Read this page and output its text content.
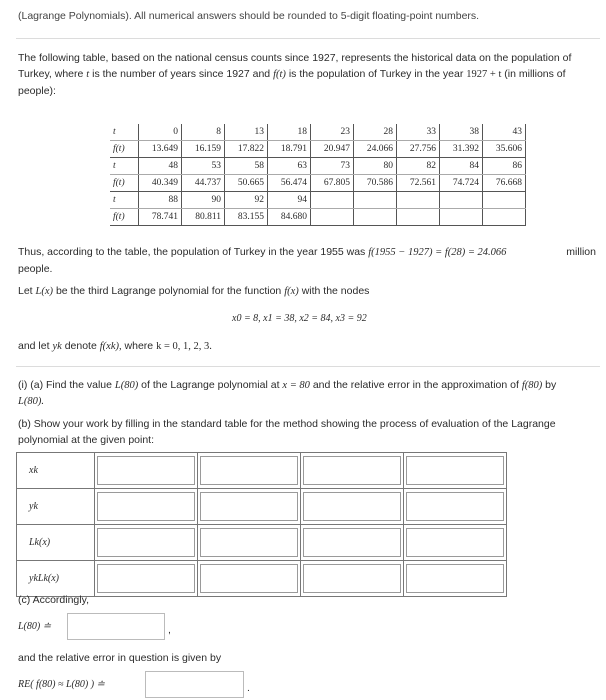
(Lagrange Polynomials). All numerical answers should be rounded to 5-digit floating-point numbers.

The following table, based on the national census counts since 1927, represents the historical data on the population of

Turkey, where t is the number of years since 1927 and f(t) is the population of Turkey in the year 1927 + t (in millions of

people):

t	0	8	13	18	23	28	33	38	43
f(t)	13.649	16.159	17.822	18.791	20.947	24.066	27.756	31.392	35.606
t	48	53	58	63	73	80	82	84	86
f(t)	40.349	44.737	50.665	56.474	67.805	70.586	72.561	74.724	76.668
t	88	90	92	94					
f(t)	78.741	80.811	83.155	84.680					

Thus, according to the table, the population of Turkey in the year 1955 was f(1955 − 1927) = f(28) = 24.066	million

people.

Let L(x) be the third Lagrange polynomial for the function f(x) with the nodes

x0 = 8, x1 = 38, x2 = 84, x3 = 92

and let yk denote f(xk), where k = 0, 1, 2, 3.

(i) (a) Find the value L(80) of the Lagrange polynomial at x = 80 and the relative error in the approximation of f(80) by

L(80).

(b) Show your work by filling in the standard table for the method showing the process of evaluation of the Lagrange

polynomial at the given point:

xk				
yk				
Lk(x)				
ykLk(x)				

(c) Accordingly,

L(80) ≐	,

and the relative error in question is given by

RE( f(80) ≈ L(80) ) ≐	.
